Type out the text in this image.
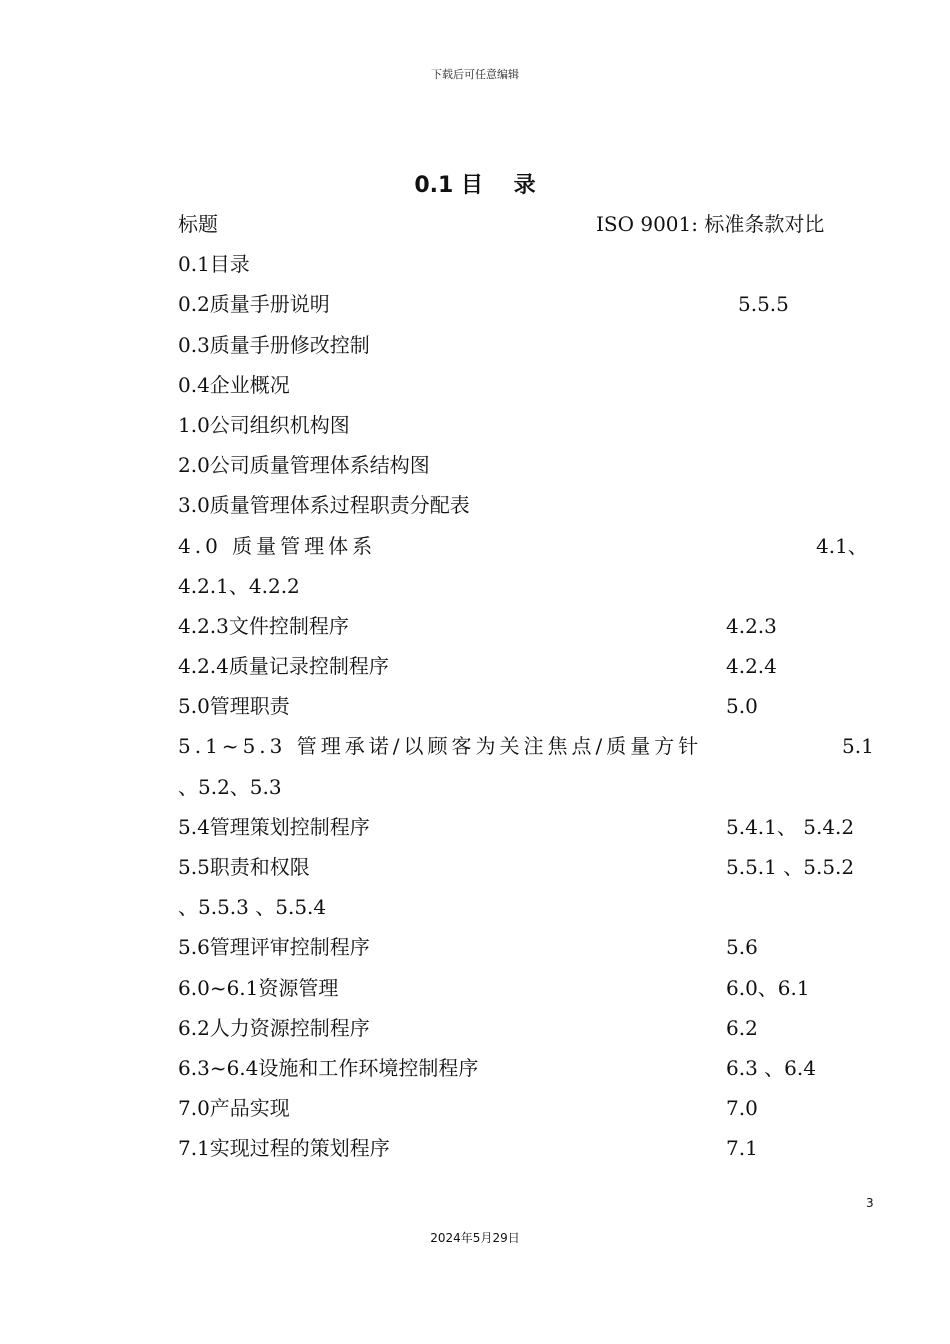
下载后可任意编辑
0.1 目    录
标题	ISO 9001: 标准条款对比
0.1目录
0.2质量手册说明	5.5.5
0.3质量手册修改控制
0.4企业概况
1.0公司组织机构图
2.0公司质量管理体系结构图
3.0质量管理体系过程职责分配表
4.0 质量管理体系	4.1、
4.2.1、4.2.2
4.2.3文件控制程序	4.2.3
4.2.4质量记录控制程序	4.2.4
5.0管理职责	5.0
5.1~5.3 管理承诺/以顾客为关注焦点/质量方针	5.1
、5.2、5.3
5.4管理策划控制程序	5.4.1、 5.4.2
5.5职责和权限	5.5.1 、5.5.2
、5.5.3 、5.5.4
5.6管理评审控制程序	5.6
6.0~6.1资源管理	6.0、6.1
6.2人力资源控制程序	6.2
6.3~6.4设施和工作环境控制程序	6.3 、6.4
7.0产品实现	7.0
7.1实现过程的策划程序	7.1
3
2024年5月29日
